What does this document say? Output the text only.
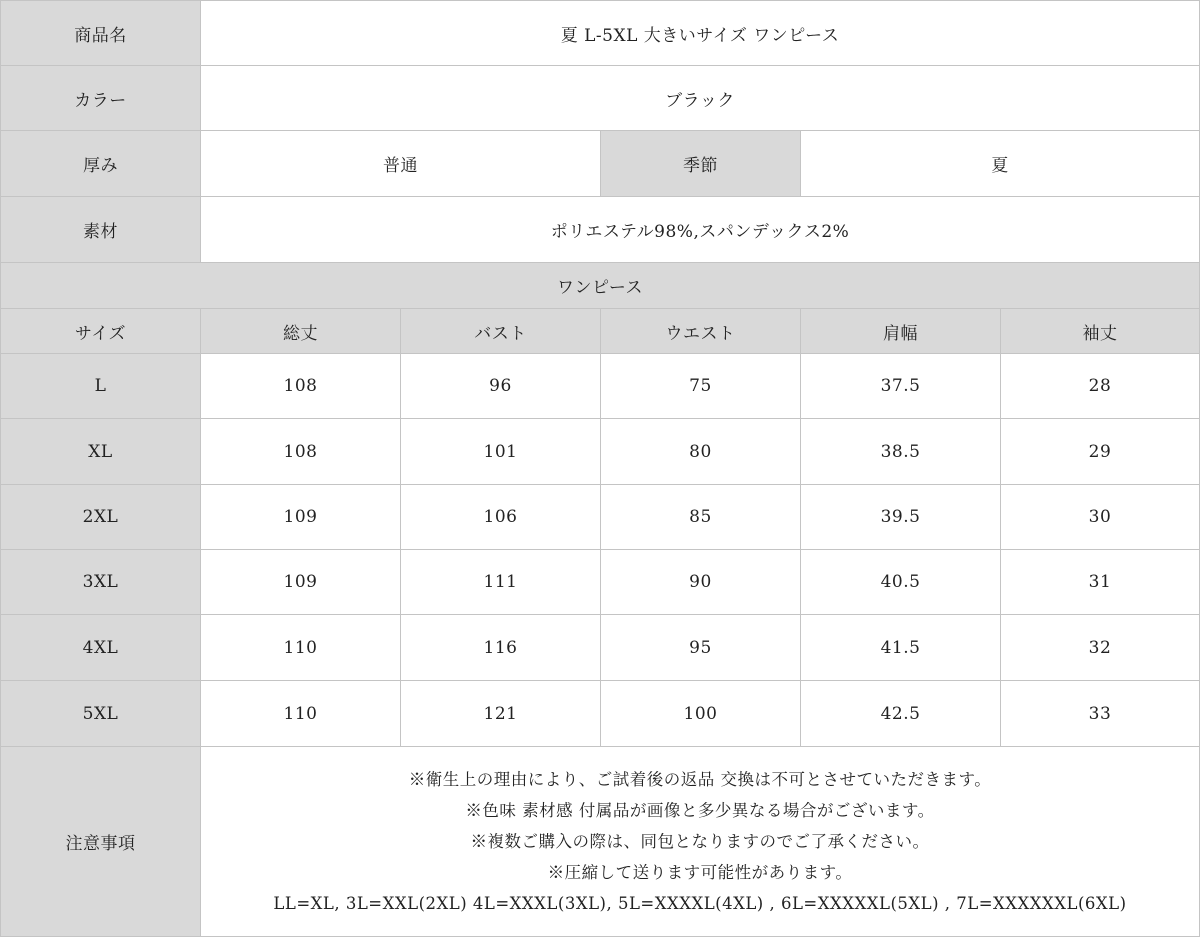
商品名	夏 L-5XL 大きいサイズ ワンピース
カラー	ブラック
厚み	普通	季節	夏
素材	ポリエステル98%,スパンデックス2%
ワンピース
サイズ	総丈	バスト	ウエスト	肩幅	袖丈
L	108	96	75	37.5	28
XL	108	101	80	38.5	29
2XL	109	106	85	39.5	30
3XL	109	111	90	40.5	31
4XL	110	116	95	41.5	32
5XL	110	121	100	42.5	33
注意事項
※衛生上の理由により、ご試着後の返品 交換は不可とさせていただきます。
※色味 素材感 付属品が画像と多少異なる場合がございます。
※複数ご購入の際は、同包となりますのでご了承ください。
※圧縮して送ります可能性があります。
LL=XL, 3L=XXL(2XL) 4L=XXXL(3XL), 5L=XXXXL(4XL) , 6L=XXXXXL(5XL) , 7L=XXXXXXL(6XL)
